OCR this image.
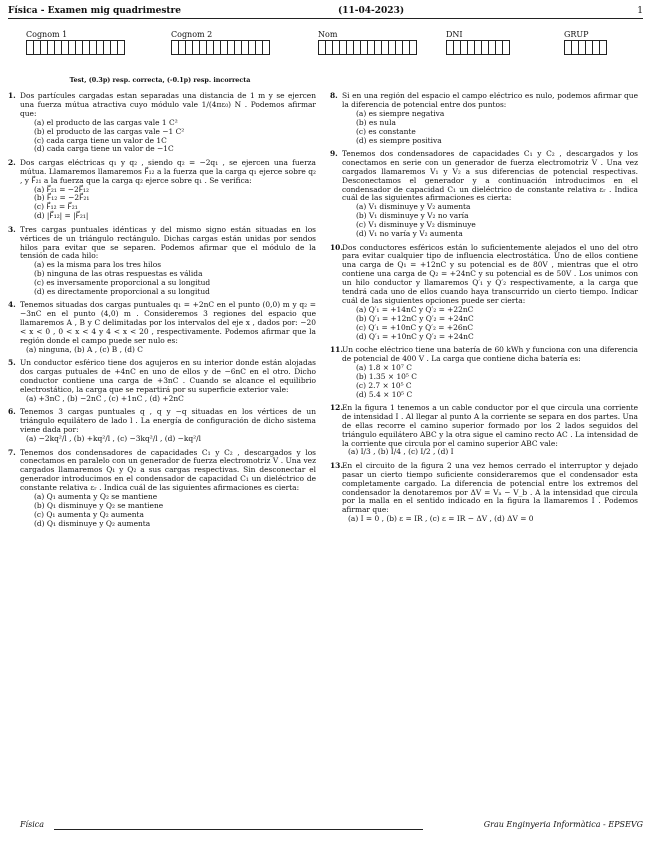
Física - Examen mig quadrimestre	(11-04-2023)	1
Cognom 1	Cognom 2	Nom	DNI	GRUP
Test, (0.3p) resp. correcta, (-0.1p) resp. incorrecta
1. Dos partícules cargadas estan separadas una distancia de 1 m y se ejercen una fuerza mútua atractiva cuyo módulo vale 1/(4πε₀) N . Podemos afirmar que:
(a) el producto de las cargas vale 1 C²
(b) el producto de las cargas vale −1 C²
(c) cada carga tiene un valor de 1C
(d) cada carga tiene un valor de −1C
2. Dos cargas eléctricas q₁ y q₂ , siendo q₂ = −2q₁ , se ejercen una fuerza mútua. Llamaremos llamaremos F⃗₁₂ a la fuerza que la carga q₁ ejerce sobre q₂ , y F⃗₂₁ a la fuerza que la carga q₂ ejerce sobre q₁ . Se verifica:
(a) F⃗₂₁ = −2F⃗₁₂
(b) F⃗₁₂ = −2F⃗₂₁
(c) F⃗₁₂ = F⃗₂₁
(d) |F⃗₁₂| = |F⃗₂₁|
3. Tres cargas puntuales idénticas y del mismo signo están situadas en los vértices de un triángulo rectángulo. Dichas cargas están unidas por sendos hilos para evitar que se separen. Podemos afirmar que el módulo de la tensión de cada hilo:
(a) es la misma para los tres hilos
(b) ninguna de las otras respuestas es válida
(c) es inversamente proporcional a su longitud
(d) es directamente proporcional a su longitud
4. Tenemos situadas dos cargas puntuales q₁ = +2nC en el punto (0,0) m y q₂ = −3nC en el punto (4,0) m . Consideremos 3 regiones del espacio que llamaremos A , B y C delimitadas por los intervalos del eje x , dados por: −20 < x < 0 , 0 < x < 4 y 4 < x < 20 , respectivamente. Podemos afirmar que la región donde el campo puede ser nulo es:
(a) ninguna, (b) A , (c) B , (d) C
5. Un conductor esférico tiene dos agujeros en su interior donde están alojadas dos cargas putuales de +4nC en uno de ellos y de −6nC en el otro. Dicho conductor contiene una carga de +3nC . Cuando se alcance el equilibrio electrostático, la carga que se repartirá por su superficie exterior vale:
(a) +3nC , (b) −2nC , (c) +1nC , (d) +2nC
6. Tenemos 3 cargas puntuales q , q y −q situadas en los vértices de un triángulo equilátero de lado l . La energía de configuración de dicho sistema viene dada por:
(a) −2kq²/l , (b) +kq²/l , (c) −3kq²/l , (d) −kq²/l
7. Tenemos dos condensadores de capacidades C₁ y C₂ , descargados y los conectamos en paralelo con un generador de fuerza electromotriz V . Una vez cargados llamaremos Q₁ y Q₂ a sus cargas respectivas. Sin desconectar el generador introducimos en el condensador de capacidad C₁ un dieléctrico de constante relativa εᵣ . Indica cuál de las siguientes afirmaciones es cierta:
(a) Q₁ aumenta y Q₂ se mantiene
(b) Q₁ disminuye y Q₂ se mantiene
(c) Q₁ aumenta y Q₂ aumenta
(d) Q₁ disminuye y Q₂ aumenta
8. Si en una región del espacio el campo eléctrico es nulo, podemos afirmar que la diferencia de potencial entre dos puntos:
(a) es siempre negativa
(b) es nula
(c) es constante
(d) es siempre positiva
9. Tenemos dos condensadores de capacidades C₁ y C₂ , descargados y los conectamos en serie con un generador de fuerza electromotriz V . Una vez cargados llamaremos V₁ y V₂ a sus diferencias de potencial respectivas. Desconectamos el generador y a continuación introducimos en el condensador de capacidad C₁ un dieléctrico de constante relativa εᵣ . Indica cuál de las siguientes afirmaciones es cierta:
(a) V₁ disminuye y V₂ aumenta
(b) V₁ disminuye y V₂ no varía
(c) V₁ disminuye y V₂ disminuye
(d) V₁ no varía y V₂ aumenta
10. Dos conductores esféricos están lo suficientemente alejados el uno del otro para evitar cualquier tipo de influencia electrostática. Uno de ellos contiene una carga de Q₁ = +12nC y su potencial es de 80V , mientras que el otro contiene una carga de Q₂ = +24nC y su potencial es de 50V . Los unimos con un hilo conductor y llamaremos Q′₁ y Q′₂ respectivamente, a la carga que tendrá cada uno de ellos cuando haya transcurrido un cierto tiempo. Indicar cuál de las siguientes opciones puede ser cierta:
(a) Q′₁ = +14nC y Q′₂ = +22nC
(b) Q′₁ = +12nC y Q′₂ = +24nC
(c) Q′₁ = +10nC y Q′₂ = +26nC
(d) Q′₁ = +10nC y Q′₂ = +24nC
11. Un coche eléctrico tiene una batería de 60 kWh y funciona con una diferencia de potencial de 400 V . La carga que contiene dicha batería es:
(a) 1.8 × 10⁷ C
(b) 1.35 × 10⁵ C
(c) 2.7 × 10⁵ C
(d) 5.4 × 10⁵ C
12. En la figura 1 tenemos a un cable conductor por el que circula una corriente de intensidad I . Al llegar al punto A la corriente se separa en dos partes. Una de ellas recorre el camino superior formado por los 2 lados seguidos del triángulo equilátero ABC y la otra sigue el camino recto AC . La intensidad de la corriente que circula por el camino superior ABC vale:
(a) I/3 , (b) I/4 , (c) I/2 , (d) I
13. En el circuito de la figura 2 una vez hemos cerrado el interruptor y dejado pasar un cierto tiempo suficiente consideraremos que el condensador esta completamente cargado. La diferencia de potencial entre los extremos del condensador la denotaremos por ΔV = Vₐ − V_b . A la intensidad que circula por la malla en el sentido indicado en la figura la llamaremos I . Podemos afirmar que:
(a) I = 0 , (b) ε = IR , (c) ε = IR − ΔV , (d) ΔV = 0
Física	Grau Enginyeria Informàtica - EPSEVG
